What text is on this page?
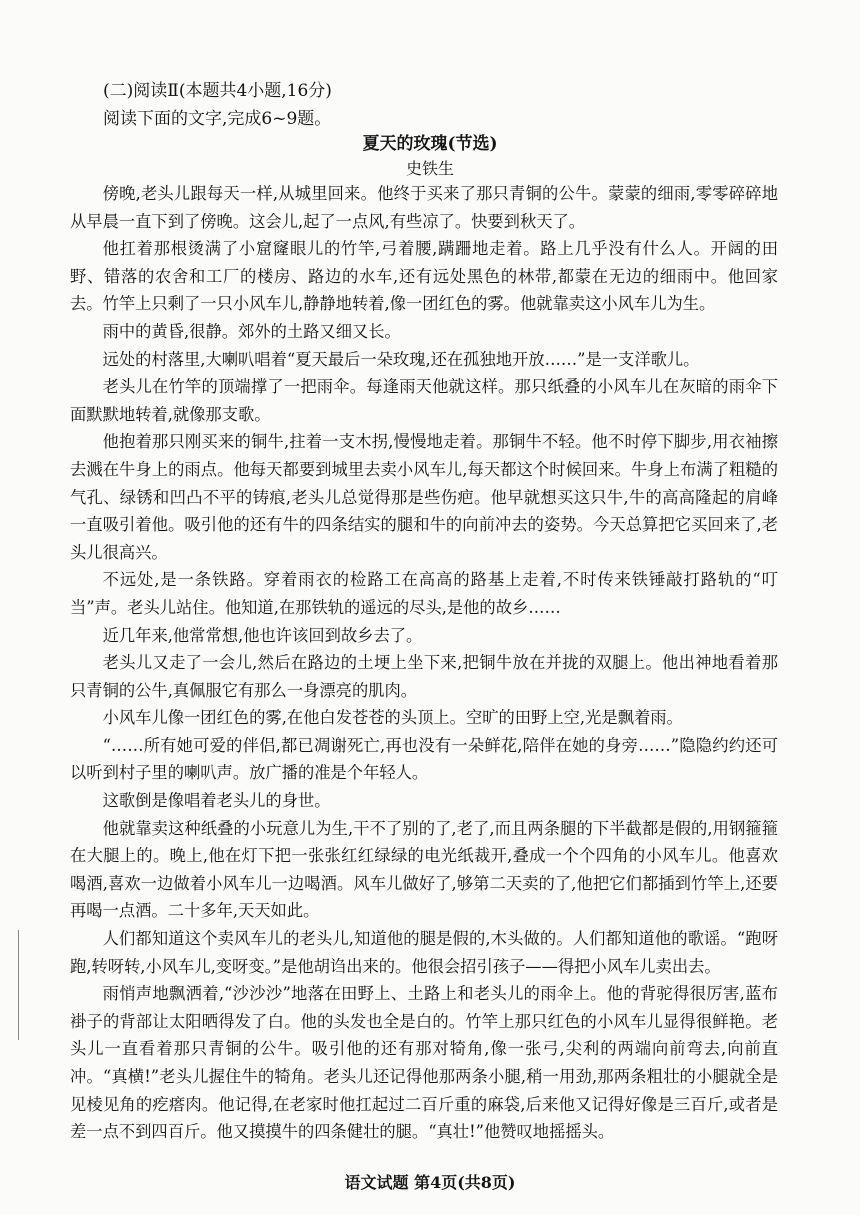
(二)阅读Ⅱ(本题共4小题,16分)
阅读下面的文字,完成6~9题。
夏天的玫瑰(节选)
史铁生

傍晚,老头儿跟每天一样,从城里回来。他终于买来了那只青铜的公牛。蒙蒙的细雨,零零碎碎地从早晨一直下到了傍晚。这会儿,起了一点风,有些凉了。快要到秋天了。

他扛着那根烫满了小窟窿眼儿的竹竿,弓着腰,蹒跚地走着。路上几乎没有什么人。开阔的田野、错落的农舍和工厂的楼房、路边的水车,还有远处黑色的林带,都蒙在无边的细雨中。他回家去。竹竿上只剩了一只小风车儿,静静地转着,像一团红色的雾。他就靠卖这小风车儿为生。

雨中的黄昏,很静。郊外的土路又细又长。

远处的村落里,大喇叭唱着“夏天最后一朵玫瑰,还在孤独地开放……”是一支洋歌儿。

老头儿在竹竿的顶端撑了一把雨伞。每逢雨天他就这样。那只纸叠的小风车儿在灰暗的雨伞下面默默地转着,就像那支歌。

他抱着那只刚买来的铜牛,拄着一支木拐,慢慢地走着。那铜牛不轻。他不时停下脚步,用衣袖擦去溅在牛身上的雨点。他每天都要到城里去卖小风车儿,每天都这个时候回来。牛身上布满了粗糙的气孔、绿锈和凹凸不平的铸痕,老头儿总觉得那是些伤疤。他早就想买这只牛,牛的高高隆起的肩峰一直吸引着他。吸引他的还有牛的四条结实的腿和牛的向前冲去的姿势。今天总算把它买回来了,老头儿很高兴。

不远处,是一条铁路。穿着雨衣的检路工在高高的路基上走着,不时传来铁锤敲打路轨的“叮当”声。老头儿站住。他知道,在那铁轨的遥远的尽头,是他的故乡……

近几年来,他常常想,他也许该回到故乡去了。

老头儿又走了一会儿,然后在路边的土埂上坐下来,把铜牛放在并拢的双腿上。他出神地看着那只青铜的公牛,真佩服它有那么一身漂亮的肌肉。

小风车儿像一团红色的雾,在他白发苍苍的头顶上。空旷的田野上空,光是飘着雨。

“……所有她可爱的伴侣,都已凋谢死亡,再也没有一朵鲜花,陪伴在她的身旁……”隐隐约约还可以听到村子里的喇叭声。放广播的准是个年轻人。

这歌倒是像唱着老头儿的身世。

他就靠卖这种纸叠的小玩意儿为生,干不了别的了,老了,而且两条腿的下半截都是假的,用钢箍箍在大腿上的。晚上,他在灯下把一张张红红绿绿的电光纸裁开,叠成一个个四角的小风车儿。他喜欢喝酒,喜欢一边做着小风车儿一边喝酒。风车儿做好了,够第二天卖的了,他把它们都插到竹竿上,还要再喝一点酒。二十多年,天天如此。

人们都知道这个卖风车儿的老头儿,知道他的腿是假的,木头做的。人们都知道他的歌谣。“跑呀跑,转呀转,小风车儿,变呀变。”是他胡诌出来的。他很会招引孩子——得把小风车儿卖出去。

雨悄声地飘洒着,“沙沙沙”地落在田野上、土路上和老头儿的雨伞上。他的背驼得很厉害,蓝布褂子的背部让太阳晒得发了白。他的头发也全是白的。竹竿上那只红色的小风车儿显得很鲜艳。老头儿一直看着那只青铜的公牛。吸引他的还有那对犄角,像一张弓,尖利的两端向前弯去,向前直冲。“真横!”老头儿握住牛的犄角。老头儿还记得他那两条小腿,稍一用劲,那两条粗壮的小腿就全是见棱见角的疙瘩肉。他记得,在老家时他扛起过二百斤重的麻袋,后来他又记得好像是三百斤,或者是差一点不到四百斤。他又摸摸牛的四条健壮的腿。“真壮!”他赞叹地摇摇头。

语文试题 第4页(共8页)
